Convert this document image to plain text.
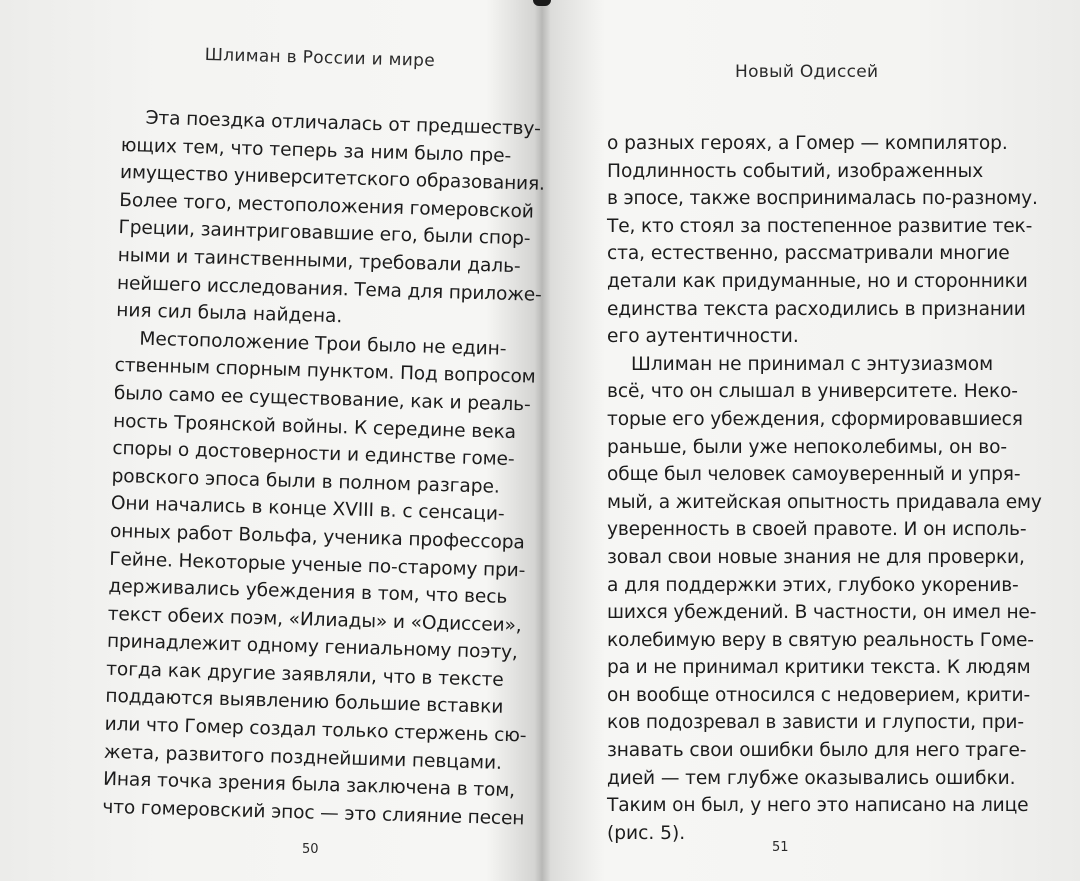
Шлиман в России и мире

Эта поездка отличалась от предшеству-
ющих тем, что теперь за ним было пре-
имущество университетского образования.
Более того, местоположения гомеровской
Греции, заинтриговавшие его, были спор-
ными и таинственными, требовали даль-
нейшего исследования. Тема для приложе-
ния сил была найдена.

Местоположение Трои было не един-
ственным спорным пунктом. Под вопросом
было само ее существование, как и реаль-
ность Троянской войны. К середине века
споры о достоверности и единстве гоме-
ровского эпоса были в полном разгаре.
Они начались в конце XVIII в. с сенсаци-
онных работ Вольфа, ученика профессора
Гейне. Некоторые ученые по-старому при-
держивались убеждения в том, что весь
текст обеих поэм, «Илиады» и «Одиссеи»,
принадлежит одному гениальному поэту,
тогда как другие заявляли, что в тексте
поддаются выявлению большие вставки
или что Гомер создал только стержень сю-
жета, развитого позднейшими певцами.
Иная точка зрения была заключена в том,
что гомеровский эпос — это слияние песен

50
Новый Одиссей

о разных героях, а Гомер — компилятор.
Подлинность событий, изображенных
в эпосе, также воспринималась по-разному.
Те, кто стоял за постепенное развитие тек-
ста, естественно, рассматривали многие
детали как придуманные, но и сторонники
единства текста расходились в признании
его аутентичности.

Шлиман не принимал с энтузиазмом
всё, что он слышал в университете. Неко-
торые его убеждения, сформировавшиеся
раньше, были уже непоколебимы, он во-
обще был человек самоуверенный и упря-
мый, а житейская опытность придавала ему
уверенность в своей правоте. И он исполь-
зовал свои новые знания не для проверки,
а для поддержки этих, глубоко укоренив-
шихся убеждений. В частности, он имел не-
колебимую веру в святую реальность Гоме-
ра и не принимал критики текста. К людям
он вообще относился с недоверием, крити-
ков подозревал в зависти и глупости, при-
знавать свои ошибки было для него траге-
дией — тем глубже оказывались ошибки.
Таким он был, у него это написано на лице
(рис. 5).

51
